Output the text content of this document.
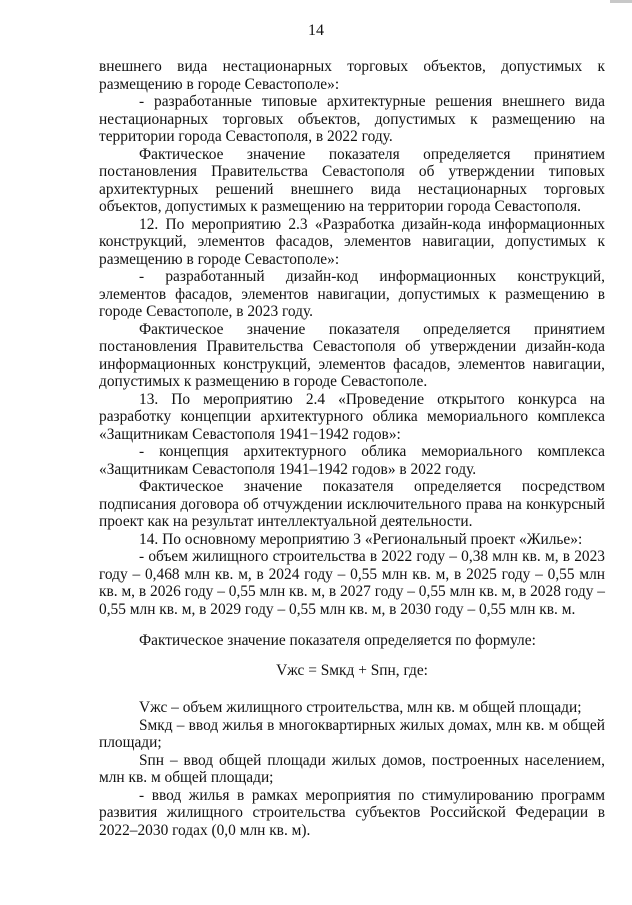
14

внешнего вида нестационарных торговых объектов, допустимых к размещению в городе Севастополе»:

- разработанные типовые архитектурные решения внешнего вида нестационарных торговых объектов, допустимых к размещению на территории города Севастополя, в 2022 году.

Фактическое значение показателя определяется принятием постановления Правительства Севастополя об утверждении типовых архитектурных решений внешнего вида нестационарных торговых объектов, допустимых к размещению на территории города Севастополя.

12. По мероприятию 2.3 «Разработка дизайн-кода информационных конструкций, элементов фасадов, элементов навигации, допустимых к размещению в городе Севастополе»:

- разработанный дизайн-код информационных конструкций, элементов фасадов, элементов навигации, допустимых к размещению в городе Севастополе, в 2023 году.

Фактическое значение показателя определяется принятием постановления Правительства Севастополя об утверждении дизайн-кода информационных конструкций, элементов фасадов, элементов навигации, допустимых к размещению в городе Севастополе.

13. По мероприятию 2.4 «Проведение открытого конкурса на разработку концепции архитектурного облика мемориального комплекса «Защитникам Севастополя 1941−1942 годов»:

- концепция архитектурного облика мемориального комплекса «Защитникам Севастополя 1941–1942 годов» в 2022 году.

Фактическое значение показателя определяется посредством подписания договора об отчуждении исключительного права на конкурсный проект как на результат интеллектуальной деятельности.

14. По основному мероприятию 3 «Региональный проект «Жилье»:

- объем жилищного строительства в 2022 году – 0,38 млн кв. м, в 2023 году – 0,468 млн кв. м, в 2024 году – 0,55 млн кв. м, в 2025 году – 0,55 млн кв. м, в 2026 году – 0,55 млн кв. м, в 2027 году – 0,55 млн кв. м, в 2028 году – 0,55 млн кв. м, в 2029 году – 0,55 млн кв. м, в 2030 году – 0,55 млн кв. м.

Фактическое значение показателя определяется по формуле:

Vжс = Sмкд + Sпн, где:

Vжс – объем жилищного строительства, млн кв. м общей площади;

Sмкд – ввод жилья в многоквартирных жилых домах, млн кв. м общей площади;

Sпн – ввод общей площади жилых домов, построенных населением, млн кв. м общей площади;

- ввод жилья в рамках мероприятия по стимулированию программ развития жилищного строительства субъектов Российской Федерации в 2022–2030 годах (0,0 млн кв. м).
